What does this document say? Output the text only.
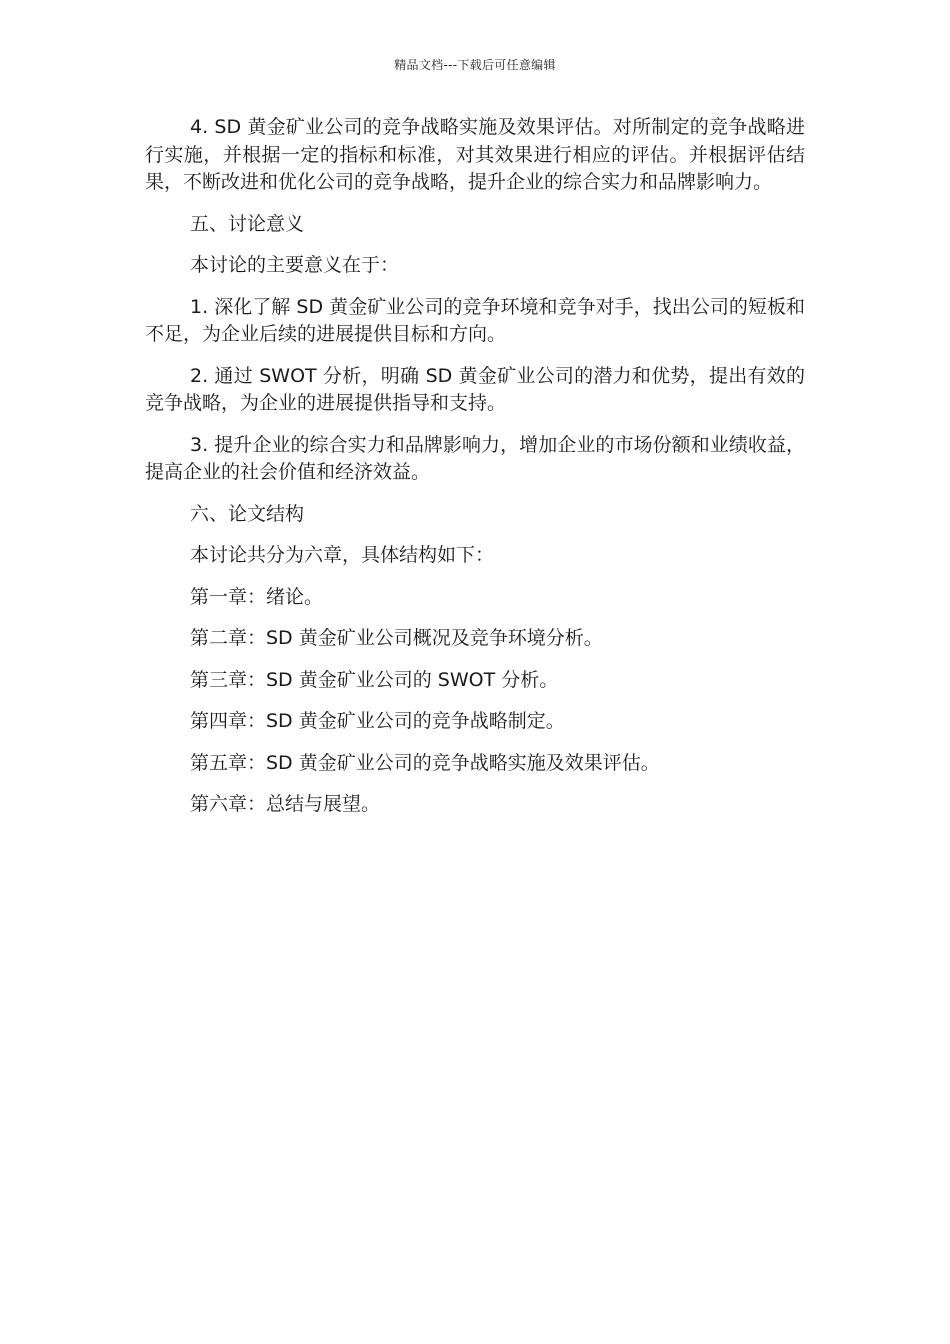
精品文档---下载后可任意编辑

4. SD 黄金矿业公司的竞争战略实施及效果评估。对所制定的竞争战略进行实施，并根据一定的指标和标准，对其效果进行相应的评估。并根据评估结果，不断改进和优化公司的竞争战略，提升企业的综合实力和品牌影响力。

五、讨论意义

本讨论的主要意义在于：

1. 深化了解 SD 黄金矿业公司的竞争环境和竞争对手，找出公司的短板和不足，为企业后续的进展提供目标和方向。

2. 通过 SWOT 分析，明确 SD 黄金矿业公司的潜力和优势，提出有效的竞争战略，为企业的进展提供指导和支持。

3. 提升企业的综合实力和品牌影响力，增加企业的市场份额和业绩收益，提高企业的社会价值和经济效益。

六、论文结构

本讨论共分为六章，具体结构如下：

第一章：绪论。

第二章：SD 黄金矿业公司概况及竞争环境分析。

第三章：SD 黄金矿业公司的 SWOT 分析。

第四章：SD 黄金矿业公司的竞争战略制定。

第五章：SD 黄金矿业公司的竞争战略实施及效果评估。

第六章：总结与展望。
